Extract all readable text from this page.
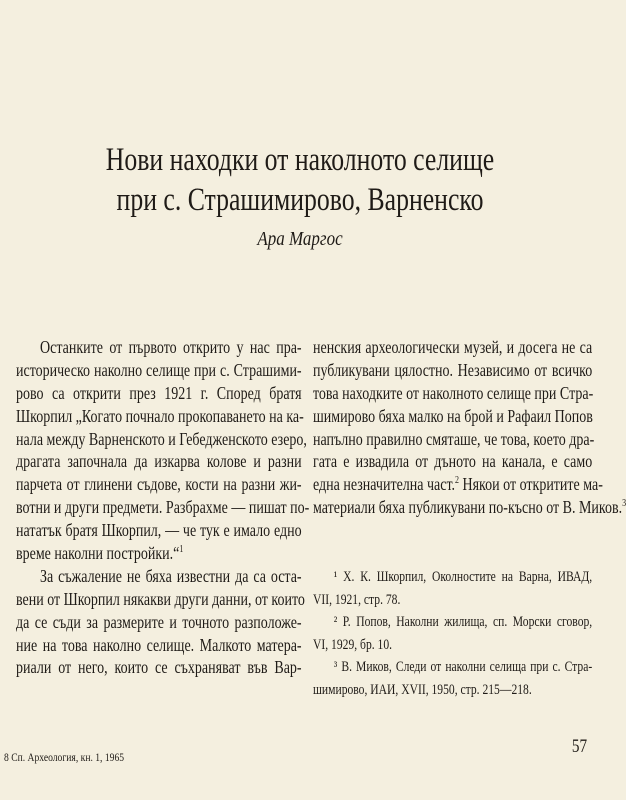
Нови находки от наколното селище
при с. Страшимирово, Варненско
Ара Маргос
Останките от първото открито у нас пра-
историческо наколно селище при с. Страшими-
рово са открити през 1921 г. Според братя
Шкорпил „Когато почнало прокопаването на ка-
нала между Варненското и Гебедженското езеро,
драгата започнала да изкарва колове и разни
парчета от глинени съдове, кости на разни жи-
вотни и други предмети. Разбрахме — пишат по-
нататък братя Шкорпил, — че тук е имало едно
време наколни постройки.“$^1$
За съжаление не бяха известни да са оста-
вени от Шкорпил някакви други данни, от които
да се съди за размерите и точното разположе-
ние на това наколно селище. Малкото матера-
риали от него, които се съхраняват във Вар-
ненския археологически музей, и досега не са
публикувани цялостно. Независимо от всичко
това находките от наколното селище при Стра-
шимирово бяха малко на брой и Рафаил Попов
напълно правилно смяташе, че това, което дра-
гата е извадила от дъното на канала, е само
една незначителна част.$^2$ Някои от откритите ма-
материали бяха публикувани по-късно от В. Миков.$^3$
¹ Х. К. Шкорпил, Околностите на Варна, ИВАД,
VII, 1921, стр. 78.
² Р. Попов, Наколни жилища, сп. Морски сговор,
VI, 1929, бр. 10.
³ В. Миков, Следи от наколни селища при с. Стра-
шимирово, ИАИ, XVII, 1950, стр. 215—218.
8 Сп. Археология, кн. 1, 1965	57
